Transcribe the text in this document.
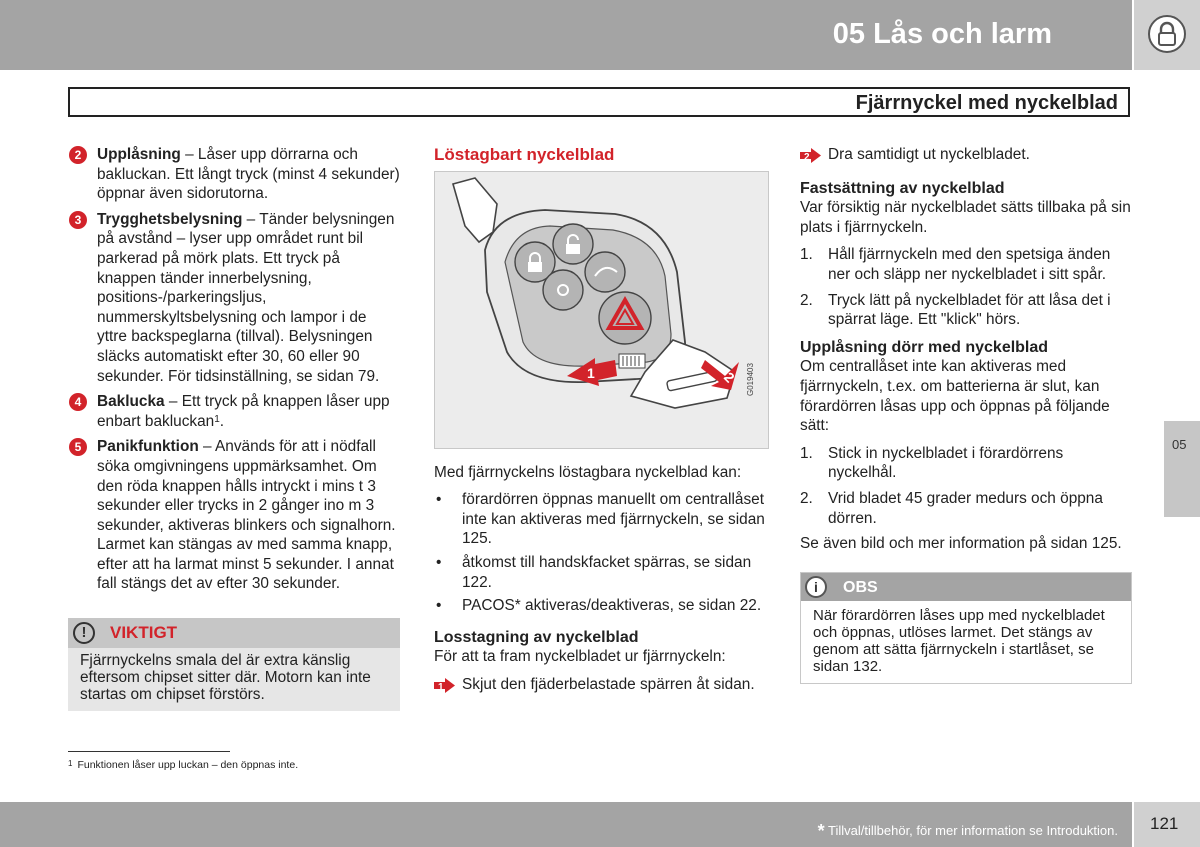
05 Lås och larm
Fjärrnyckel med nyckelblad
2	Upplåsning – Låser upp dörrarna och bakluckan. Ett långt tryck (minst 4 sekunder) öppnar även sidorutorna.
3	Trygghetsbelysning – Tänder belysningen på avstånd – lyser upp området runt bil parkerad på mörk plats. Ett tryck på knappen tänder innerbelysning, positions-/parkeringsljus, nummerskyltsbelysning och lampor i de yttre backspeglarna (tillval). Belysningen släcks automatiskt efter 30, 60 eller 90 sekunder. För tidsinställning, se sidan 79.
4	Baklucka – Ett tryck på knappen låser upp enbart bakluckan$^1$.
5	Panikfunktion – Används för att i nödfall söka omgivningens uppmärksamhet. Om den röda knappen hålls intryckt i mins t 3 sekunder eller trycks in 2 gånger ino m 3 sekunder, aktiveras blinkers och signalhorn. Larmet kan stängas av med samma knapp, efter att ha larmat minst 5 sekunder. I annat fall stängs det av efter 30 sekunder.
!	VIKTIGT
Fjärrnyckelns smala del är extra känslig eftersom chipset sitter där. Motorn kan inte startas om chipset förstörs.
Löstagbart nyckelblad
G019403
1	2
Med fjärrnyckelns löstagbara nyckelblad kan:
• förardörren öppnas manuellt om centrallåset inte kan aktiveras med fjärrnyckeln, se sidan 125.
• åtkomst till handskfacket spärras, se sidan 122.
• PACOS* aktiveras/deaktiveras, se sidan 22.
Losstagning av nyckelblad
För att ta fram nyckelbladet ur fjärrnyckeln:
1 Skjut den fjäderbelastade spärren åt sidan.
2 Dra samtidigt ut nyckelbladet.
Fastsättning av nyckelblad
Var försiktig när nyckelbladet sätts tillbaka på sin plats i fjärrnyckeln.
1. Håll fjärrnyckeln med den spetsiga änden ner och släpp ner nyckelbladet i sitt spår.
2. Tryck lätt på nyckelbladet för att låsa det i spärrat läge. Ett "klick" hörs.
Upplåsning dörr med nyckelblad
Om centrallåset inte kan aktiveras med fjärrnyckeln, t.ex. om batterierna är slut, kan förardörren låsas upp och öppnas på följande sätt:
1. Stick in nyckelbladet i förardörrens nyckelhål.
2. Vrid bladet 45 grader medurs och öppna dörren.
Se även bild och mer information på sidan 125.
i	OBS
När förardörren låses upp med nyckelbladet och öppnas, utlöses larmet. Det stängs av genom att sätta fjärrnyckeln i startlåset, se sidan 132.
05
1 Funktionen låser upp luckan – den öppnas inte.
* Tillval/tillbehör, för mer information se Introduktion. 121
